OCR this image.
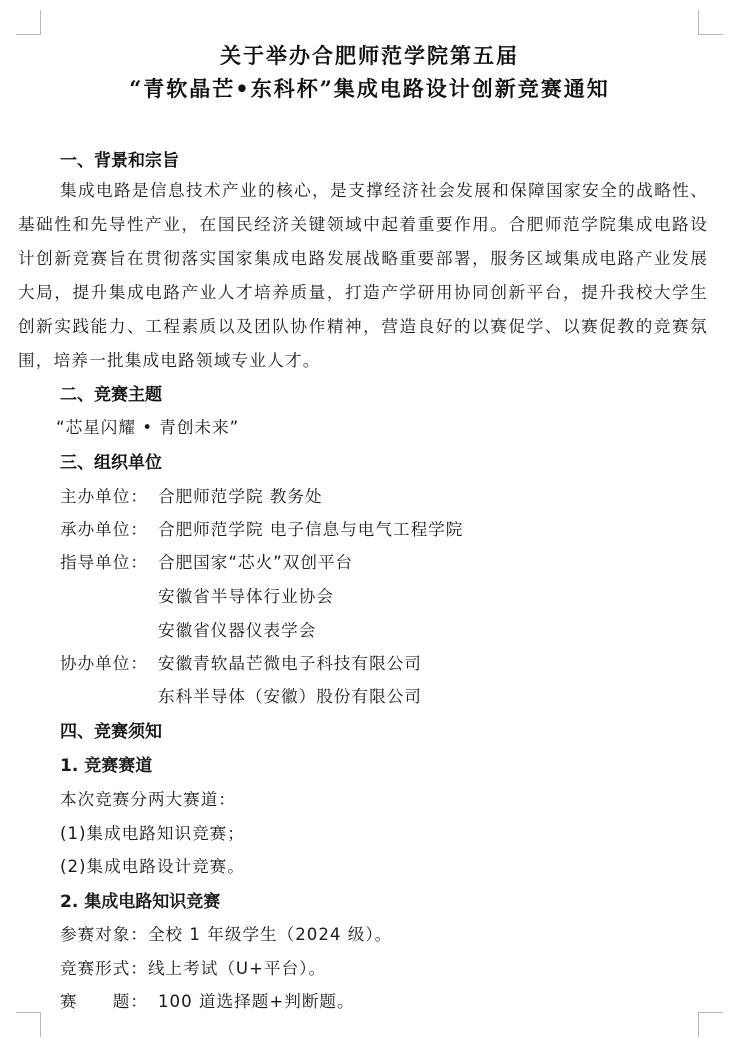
关于举办合肥师范学院第五届
“青软晶芒•东科杯”集成电路设计创新竞赛通知
一、背景和宗旨
集成电路是信息技术产业的核心，是支撑经济社会发展和保障国家安全的战略性、基础性和先导性产业，在国民经济关键领域中起着重要作用。合肥师范学院集成电路设计创新竞赛旨在贯彻落实国家集成电路发展战略重要部署，服务区域集成电路产业发展大局，提升集成电路产业人才培养质量，打造产学研用协同创新平台，提升我校大学生创新实践能力、工程素质以及团队协作精神，营造良好的以赛促学、以赛促教的竞赛氛围，培养一批集成电路领域专业人才。
二、竞赛主题
“芯星闪耀 • 青创未来”
三、组织单位
主办单位： 合肥师范学院 教务处
承办单位： 合肥师范学院 电子信息与电气工程学院
指导单位： 合肥国家“芯火”双创平台
安徽省半导体行业协会
安徽省仪器仪表学会
协办单位： 安徽青软晶芒微电子科技有限公司
东科半导体（安徽）股份有限公司
四、竞赛须知
1. 竞赛赛道
本次竞赛分两大赛道：
(1)集成电路知识竞赛；
(2)集成电路设计竞赛。
2. 集成电路知识竞赛
参赛对象：全校 1 年级学生（2024 级）。
竞赛形式：线上考试（U+平台）。
赛　　题： 100 道选择题+判断题。
